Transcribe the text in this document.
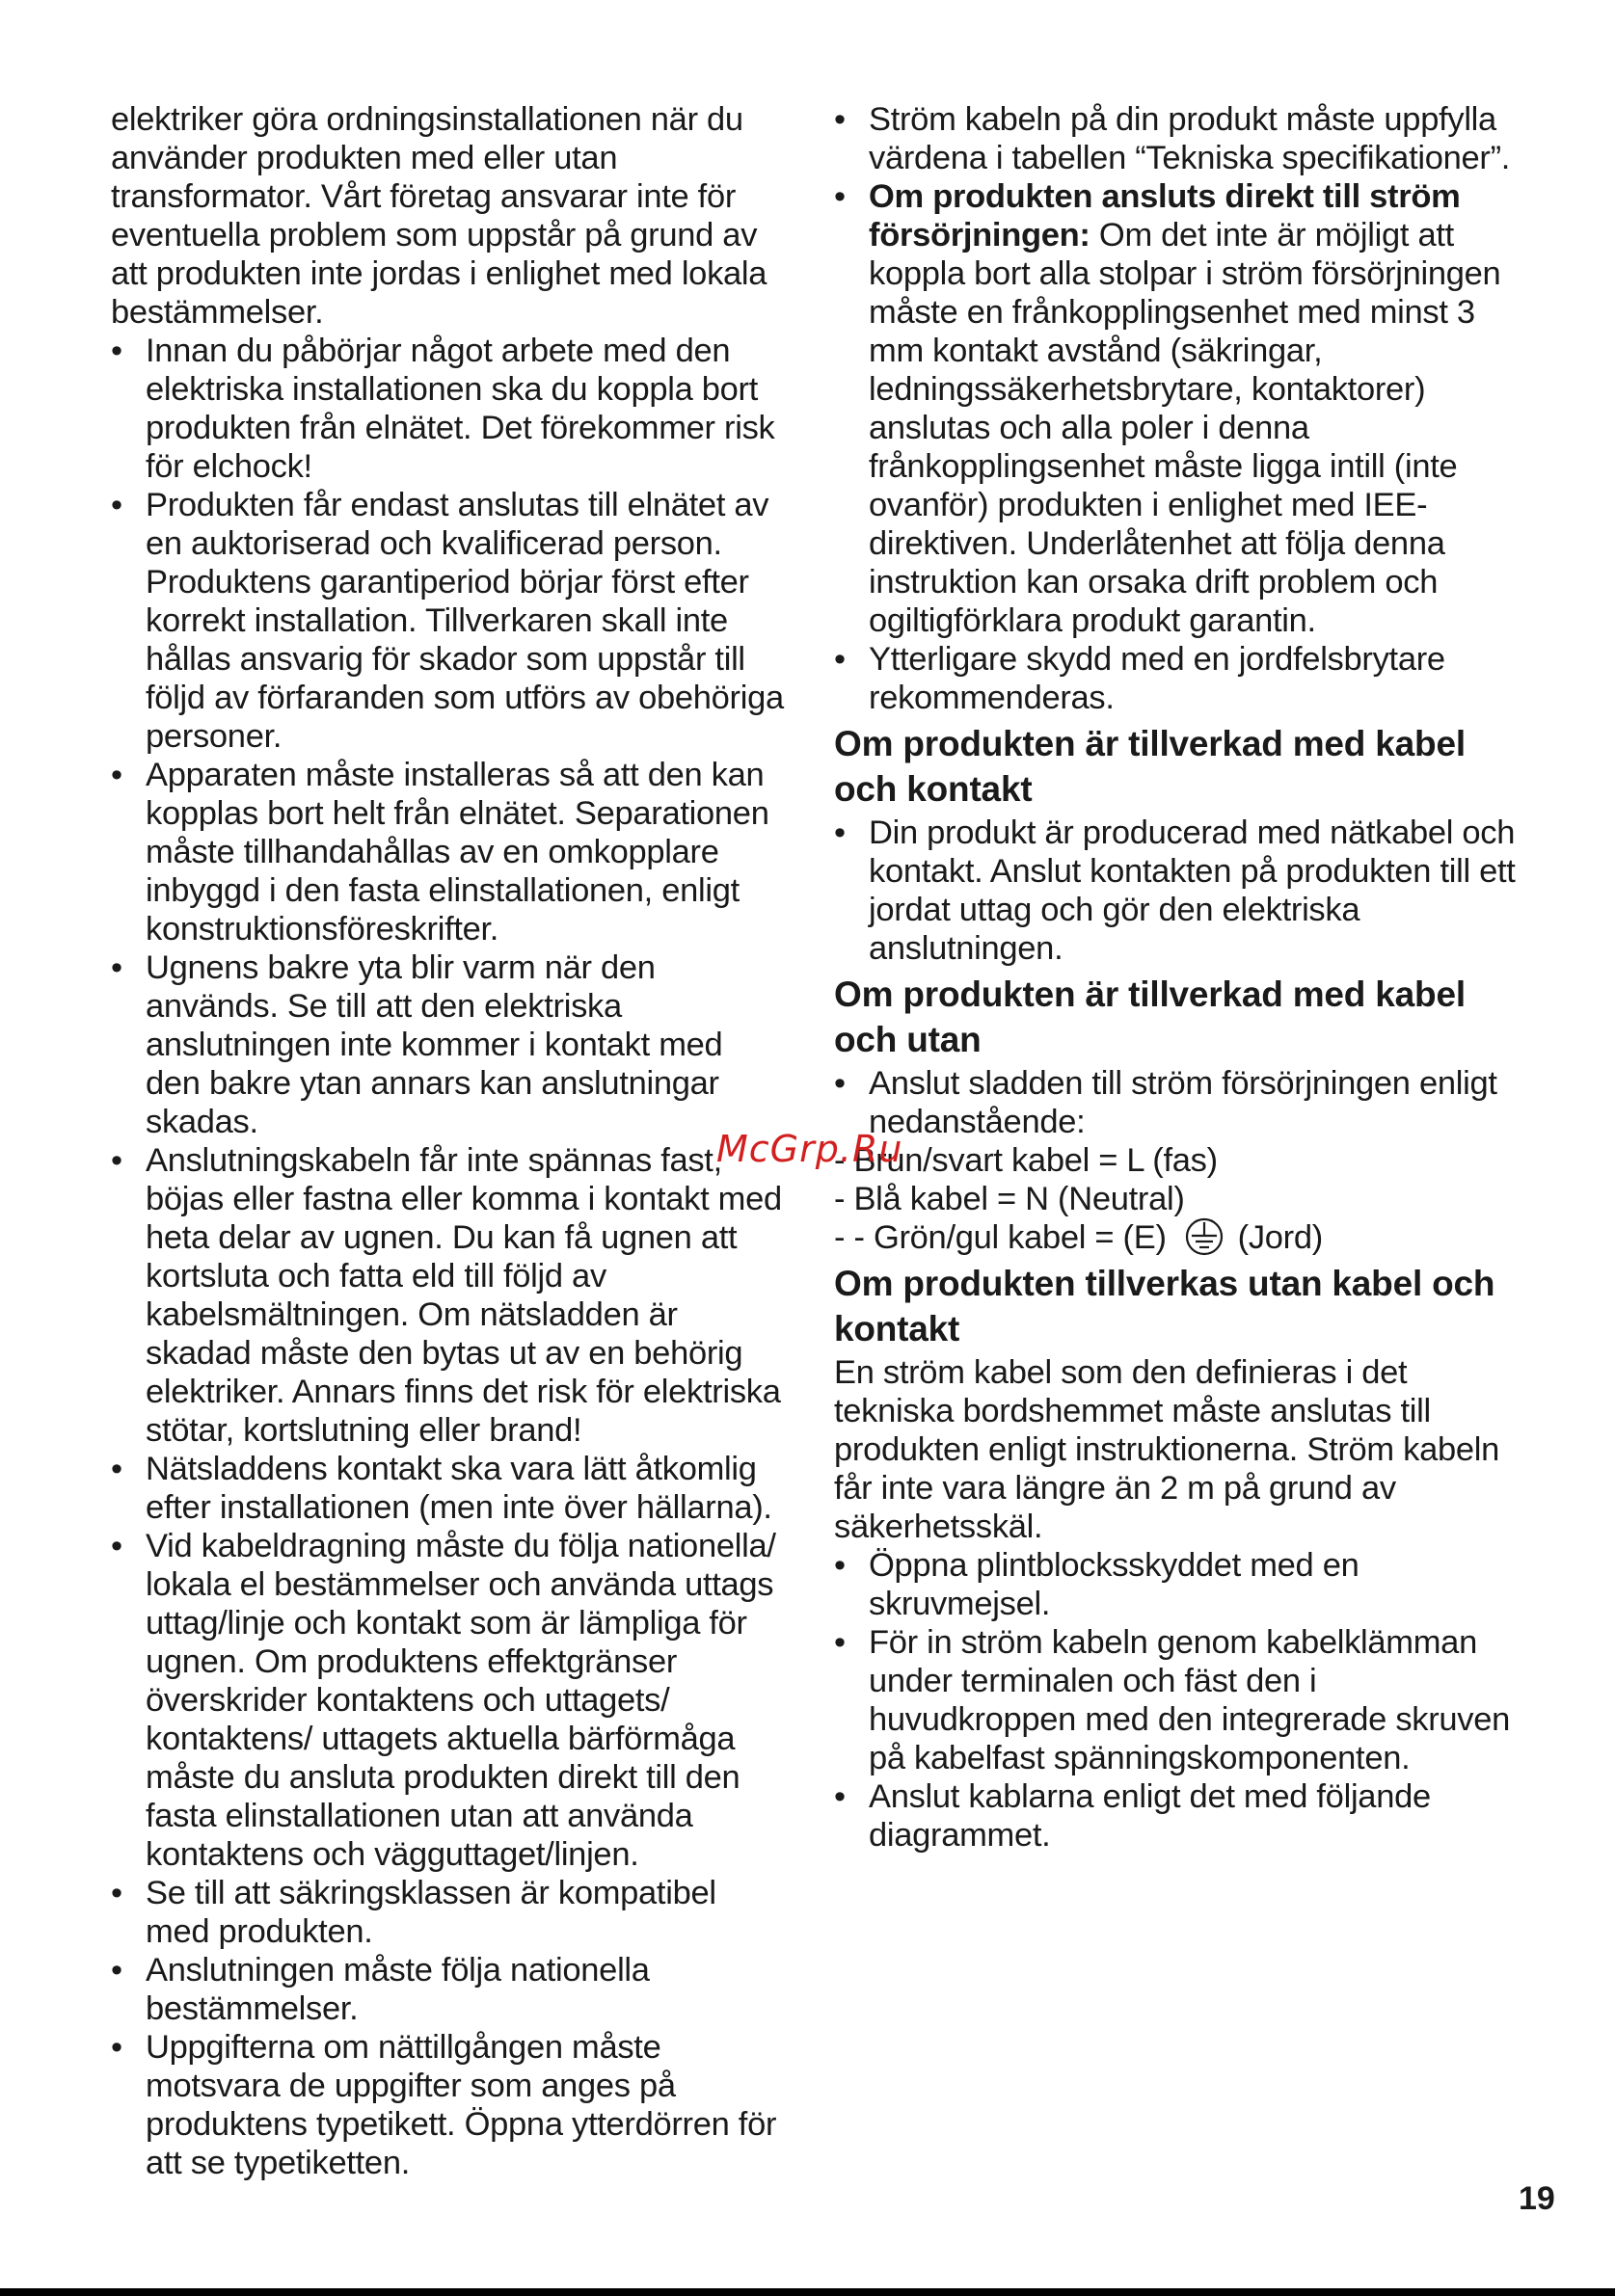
elektriker göra ordningsinstallationen när du använder produkten med eller utan transformator. Vårt företag ansvarar inte för eventuella problem som uppstår på grund av att produkten inte jordas i enlighet med lokala bestämmelser.

• Innan du påbörjar något arbete med den elektriska installationen ska du koppla bort produkten från elnätet. Det förekommer risk för elchock!
• Produkten får endast anslutas till elnätet av en auktoriserad och kvalificerad person. Produktens garantiperiod börjar först efter korrekt installation. Tillverkaren skall inte hållas ansvarig för skador som uppstår till följd av förfaranden som utförs av obehöriga personer.
• Apparaten måste installeras så att den kan kopplas bort helt från elnätet. Separationen måste tillhandahållas av en omkopplare inbyggd i den fasta elinstallationen, enligt konstruktionsföreskrifter.
• Ugnens bakre yta blir varm när den används. Se till att den elektriska anslutningen inte kommer i kontakt med den bakre ytan annars kan anslutningar skadas.
• Anslutningskabeln får inte spännas fast, böjas eller fastna eller komma i kontakt med heta delar av ugnen. Du kan få ugnen att kortsluta och fatta eld till följd av kabelsmältningen. Om nätsladden är skadad måste den bytas ut av en behörig elektriker. Annars finns det risk för elektriska stötar, kortslutning eller brand!
• Nätsladdens kontakt ska vara lätt åtkomlig efter installationen (men inte över hällarna).
• Vid kabeldragning måste du följa nationella/ lokala el bestämmelser och använda uttags uttag/linje och kontakt som är lämpliga för ugnen. Om produktens effektgränser överskrider kontaktens och uttagets/ kontaktens/ uttagets aktuella bärförmåga måste du ansluta produkten direkt till den fasta elinstallationen utan att använda kontaktens och vägguttaget/linjen.
• Se till att säkringsklassen är kompatibel med produkten.
• Anslutningen måste följa nationella bestämmelser.
• Uppgifterna om nättillgången måste motsvara de uppgifter som anges på produktens typetikett. Öppna ytterdörren för att se typetiketten.
• Ström kabeln på din produkt måste uppfylla värdena i tabellen “Tekniska specifikationer”.
• Om produkten ansluts direkt till ström försörjningen: Om det inte är möjligt att koppla bort alla stolpar i ström försörjningen måste en frånkopplingsenhet med minst 3 mm kontakt avstånd (säkringar, ledningssäkerhetsbrytare, kontaktorer) anslutas och alla poler i denna frånkopplingsenhet måste ligga intill (inte ovanför) produkten i enlighet med IEE-direktiven. Underlåtenhet att följa denna instruktion kan orsaka drift problem och ogiltigförklara produkt garantin.
• Ytterligare skydd med en jordfelsbrytare rekommenderas.
Om produkten är tillverkad med kabel och kontakt
• Din produkt är producerad med nätkabel och kontakt. Anslut kontakten på produkten till ett jordat uttag och gör den elektriska anslutningen.
Om produkten är tillverkad med kabel och utan
• Anslut sladden till ström försörjningen enligt nedanstående:

- Brun/svart kabel = L (fas)

- Blå kabel = N (Neutral)

- - Grön/gul kabel = (E) (Jord)

Om produkten tillverkas utan kabel och kontakt

En ström kabel som den definieras i det tekniska bordshemmet måste anslutas till produkten enligt instruktionerna. Ström kabeln får inte vara längre än 2 m på grund av säkerhetsskäl.

• Öppna plintblocksskyddet med en skruvmejsel.
• För in ström kabeln genom kabelklämman under terminalen och fäst den i huvudkroppen med den integrerade skruven på kabelfast spänningskomponenten.
• Anslut kablarna enligt det med följande diagrammet.
McGrp.Ru
19
